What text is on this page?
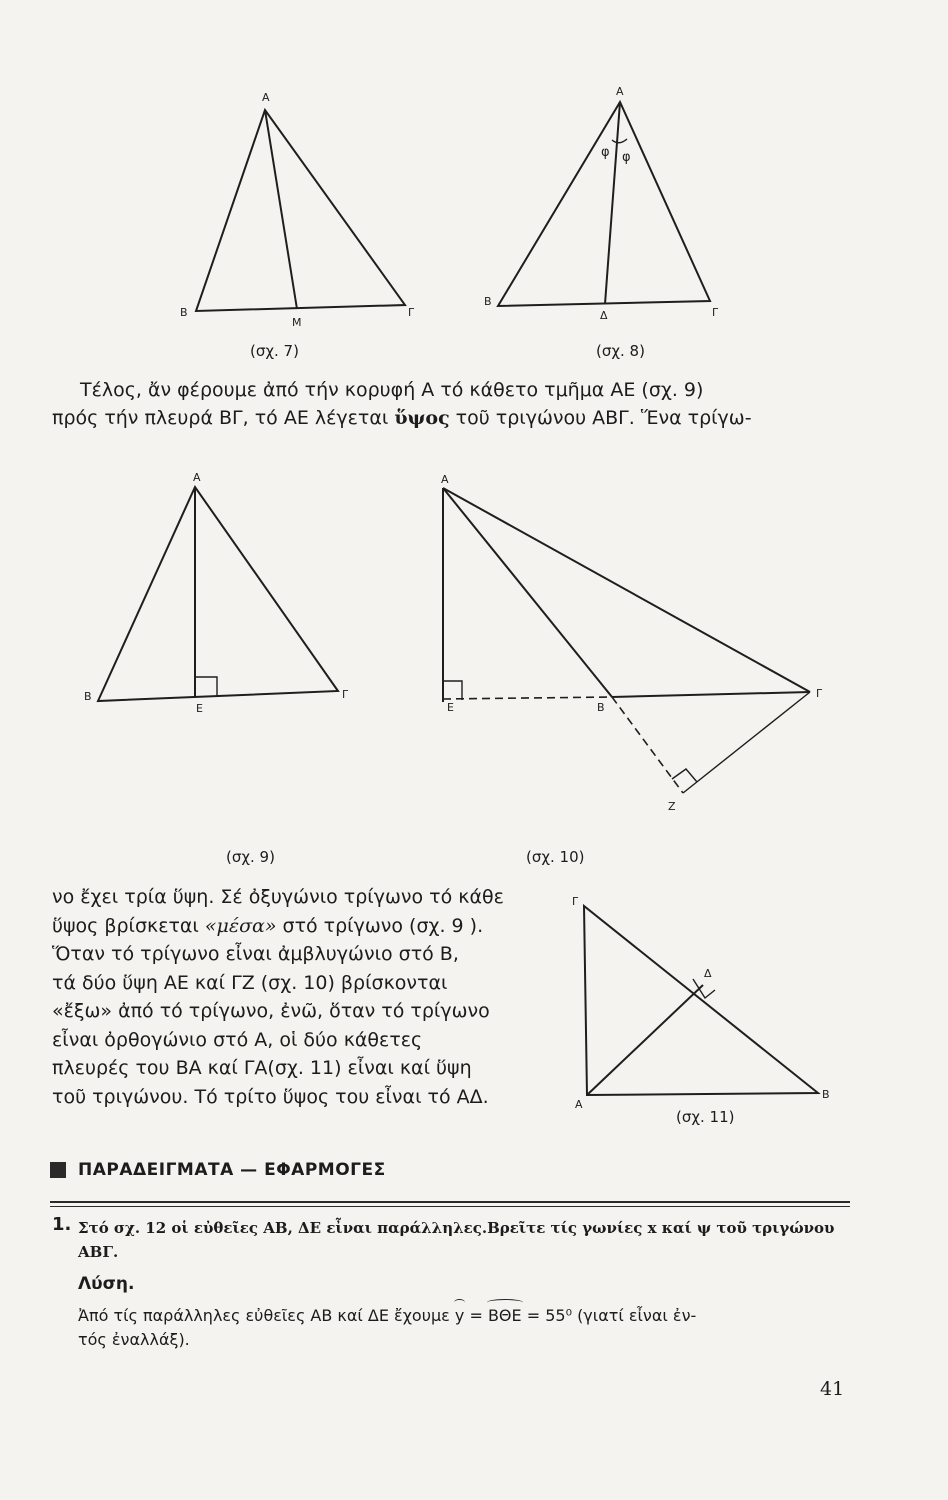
A
B
M
Γ
A
B
Δ	Γ
φ φ
A
B
E
Γ
A
E	B
Γ
Z
Γ
Δ
A
B
(σχ. 7)	(σχ. 8)
(σχ. 9)	(σχ. 10)
(σχ. 11)
Τέλος, ἄν φέρουμε ἀπό τήν κορυφή A τό κάθετο τμῆμα AE (σχ. 9)
πρός τήν πλευρά ΒΓ, τό AE λέγεται ὕψος τοῦ τριγώνου ΑΒΓ. Ἕνα τρίγω-
νο ἔχει τρία ὕψη. Σέ ὀξυγώνιο τρίγωνο τό κάθε
ὕψος βρίσκεται «μέσα» στό τρίγωνο (σχ. 9 ).
Ὅταν τό τρίγωνο εἶναι ἀμβλυγώνιο στό Β,
τά δύο ὕψη AE καί ΓΖ (σχ. 10) βρίσκονται
«ἔξω» ἀπό τό τρίγωνο, ἐνῶ, ὅταν τό τρίγωνο
εἶναι ὀρθογώνιο στό A, οἱ δύο κάθετες
πλευρές του BA καί ΓΑ(σχ. 11) εἶναι καί ὕψη
τοῦ τριγώνου. Τό τρίτο ὕψος του εἶναι τό ΑΔ.
ΠΑΡΑΔΕΙΓΜΑΤΑ — ΕΦΑΡΜΟΓΕΣ
1. Στό σχ. 12 οἱ εὐθεῖες ΑΒ, ΔΕ εἶναι παράλληλες.Βρεῖτε τίς γωνίες x καί ψ τοῦ τριγώνου
ΑΒΓ.
Λύση.
Ἀπό τίς παράλληλες εὐθεῖες AB καί ΔE ἔχουμε y = BΘE = 55⁰ (γιατί εἶναι ἐν-
τός ἐναλλάξ).
41
